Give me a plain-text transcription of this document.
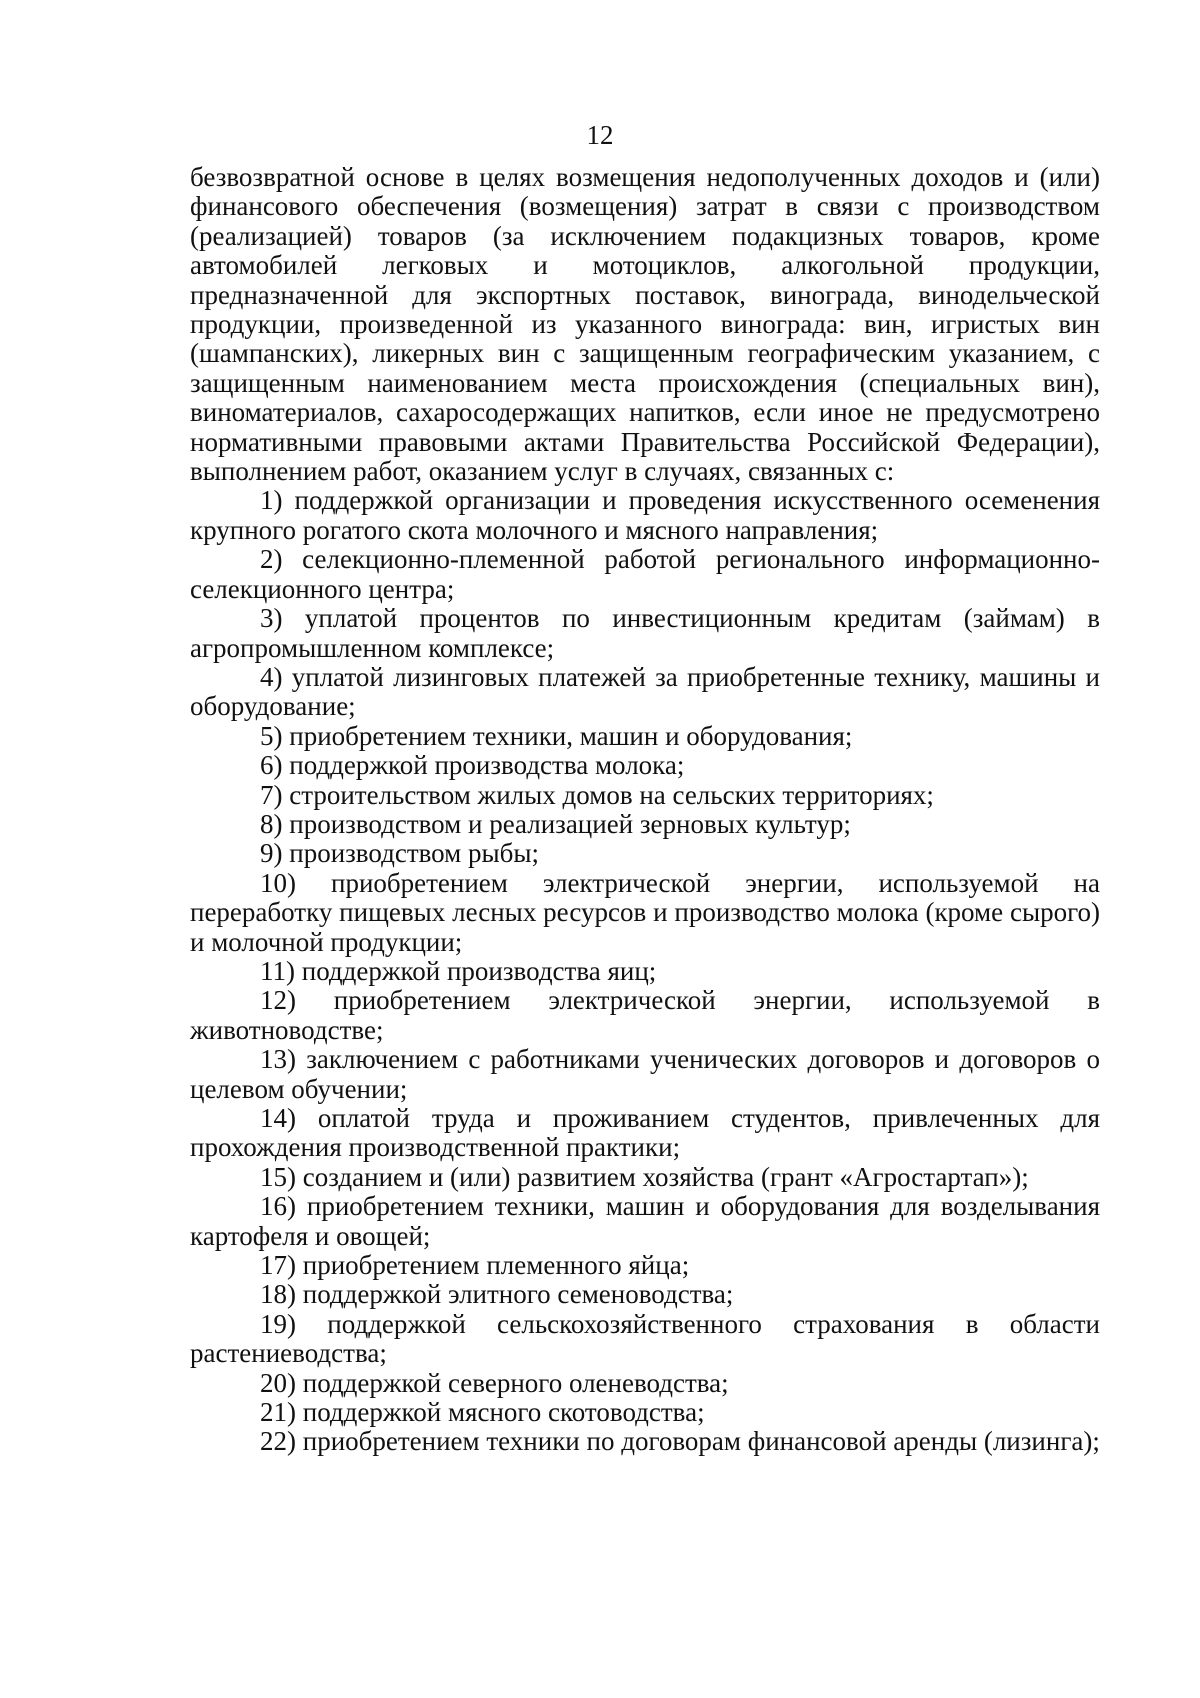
12

безвозвратной основе в целях возмещения недополученных доходов и (или) финансового обеспечения (возмещения) затрат в связи с производством (реализацией) товаров (за исключением подакцизных товаров, кроме автомобилей легковых и мотоциклов, алкогольной продукции, предназначенной для экспортных поставок, винограда, винодельческой продукции, произведенной из указанного винограда: вин, игристых вин (шампанских), ликерных вин с защищенным географическим указанием, с защищенным наименованием места происхождения (специальных вин), виноматериалов, сахаросодержащих напитков, если иное не предусмотрено нормативными правовыми актами Правительства Российской Федерации), выполнением работ, оказанием услуг в случаях, связанных с:

1) поддержкой организации и проведения искусственного осеменения крупного рогатого скота молочного и мясного направления;

2) селекционно-племенной работой регионального информационно-селекционного центра;

3) уплатой процентов по инвестиционным кредитам (займам) в агропромышленном комплексе;

4) уплатой лизинговых платежей за приобретенные технику, машины и оборудование;

5) приобретением техники, машин и оборудования;

6) поддержкой производства молока;

7) строительством жилых домов на сельских территориях;

8) производством и реализацией зерновых культур;

9) производством рыбы;

10) приобретением электрической энергии, используемой на переработку пищевых лесных ресурсов и производство молока (кроме сырого) и молочной продукции;

11) поддержкой производства яиц;

12) приобретением электрической энергии, используемой в животноводстве;

13) заключением с работниками ученических договоров и договоров о целевом обучении;

14) оплатой труда и проживанием студентов, привлеченных для прохождения производственной практики;

15) созданием и (или) развитием хозяйства (грант «Агростартап»);

16) приобретением техники, машин и оборудования для возделывания картофеля и овощей;

17) приобретением племенного яйца;

18) поддержкой элитного семеноводства;

19) поддержкой сельскохозяйственного страхования в области растениеводства;

20) поддержкой северного оленеводства;

21) поддержкой мясного скотоводства;

22) приобретением техники по договорам финансовой аренды (лизинга);
